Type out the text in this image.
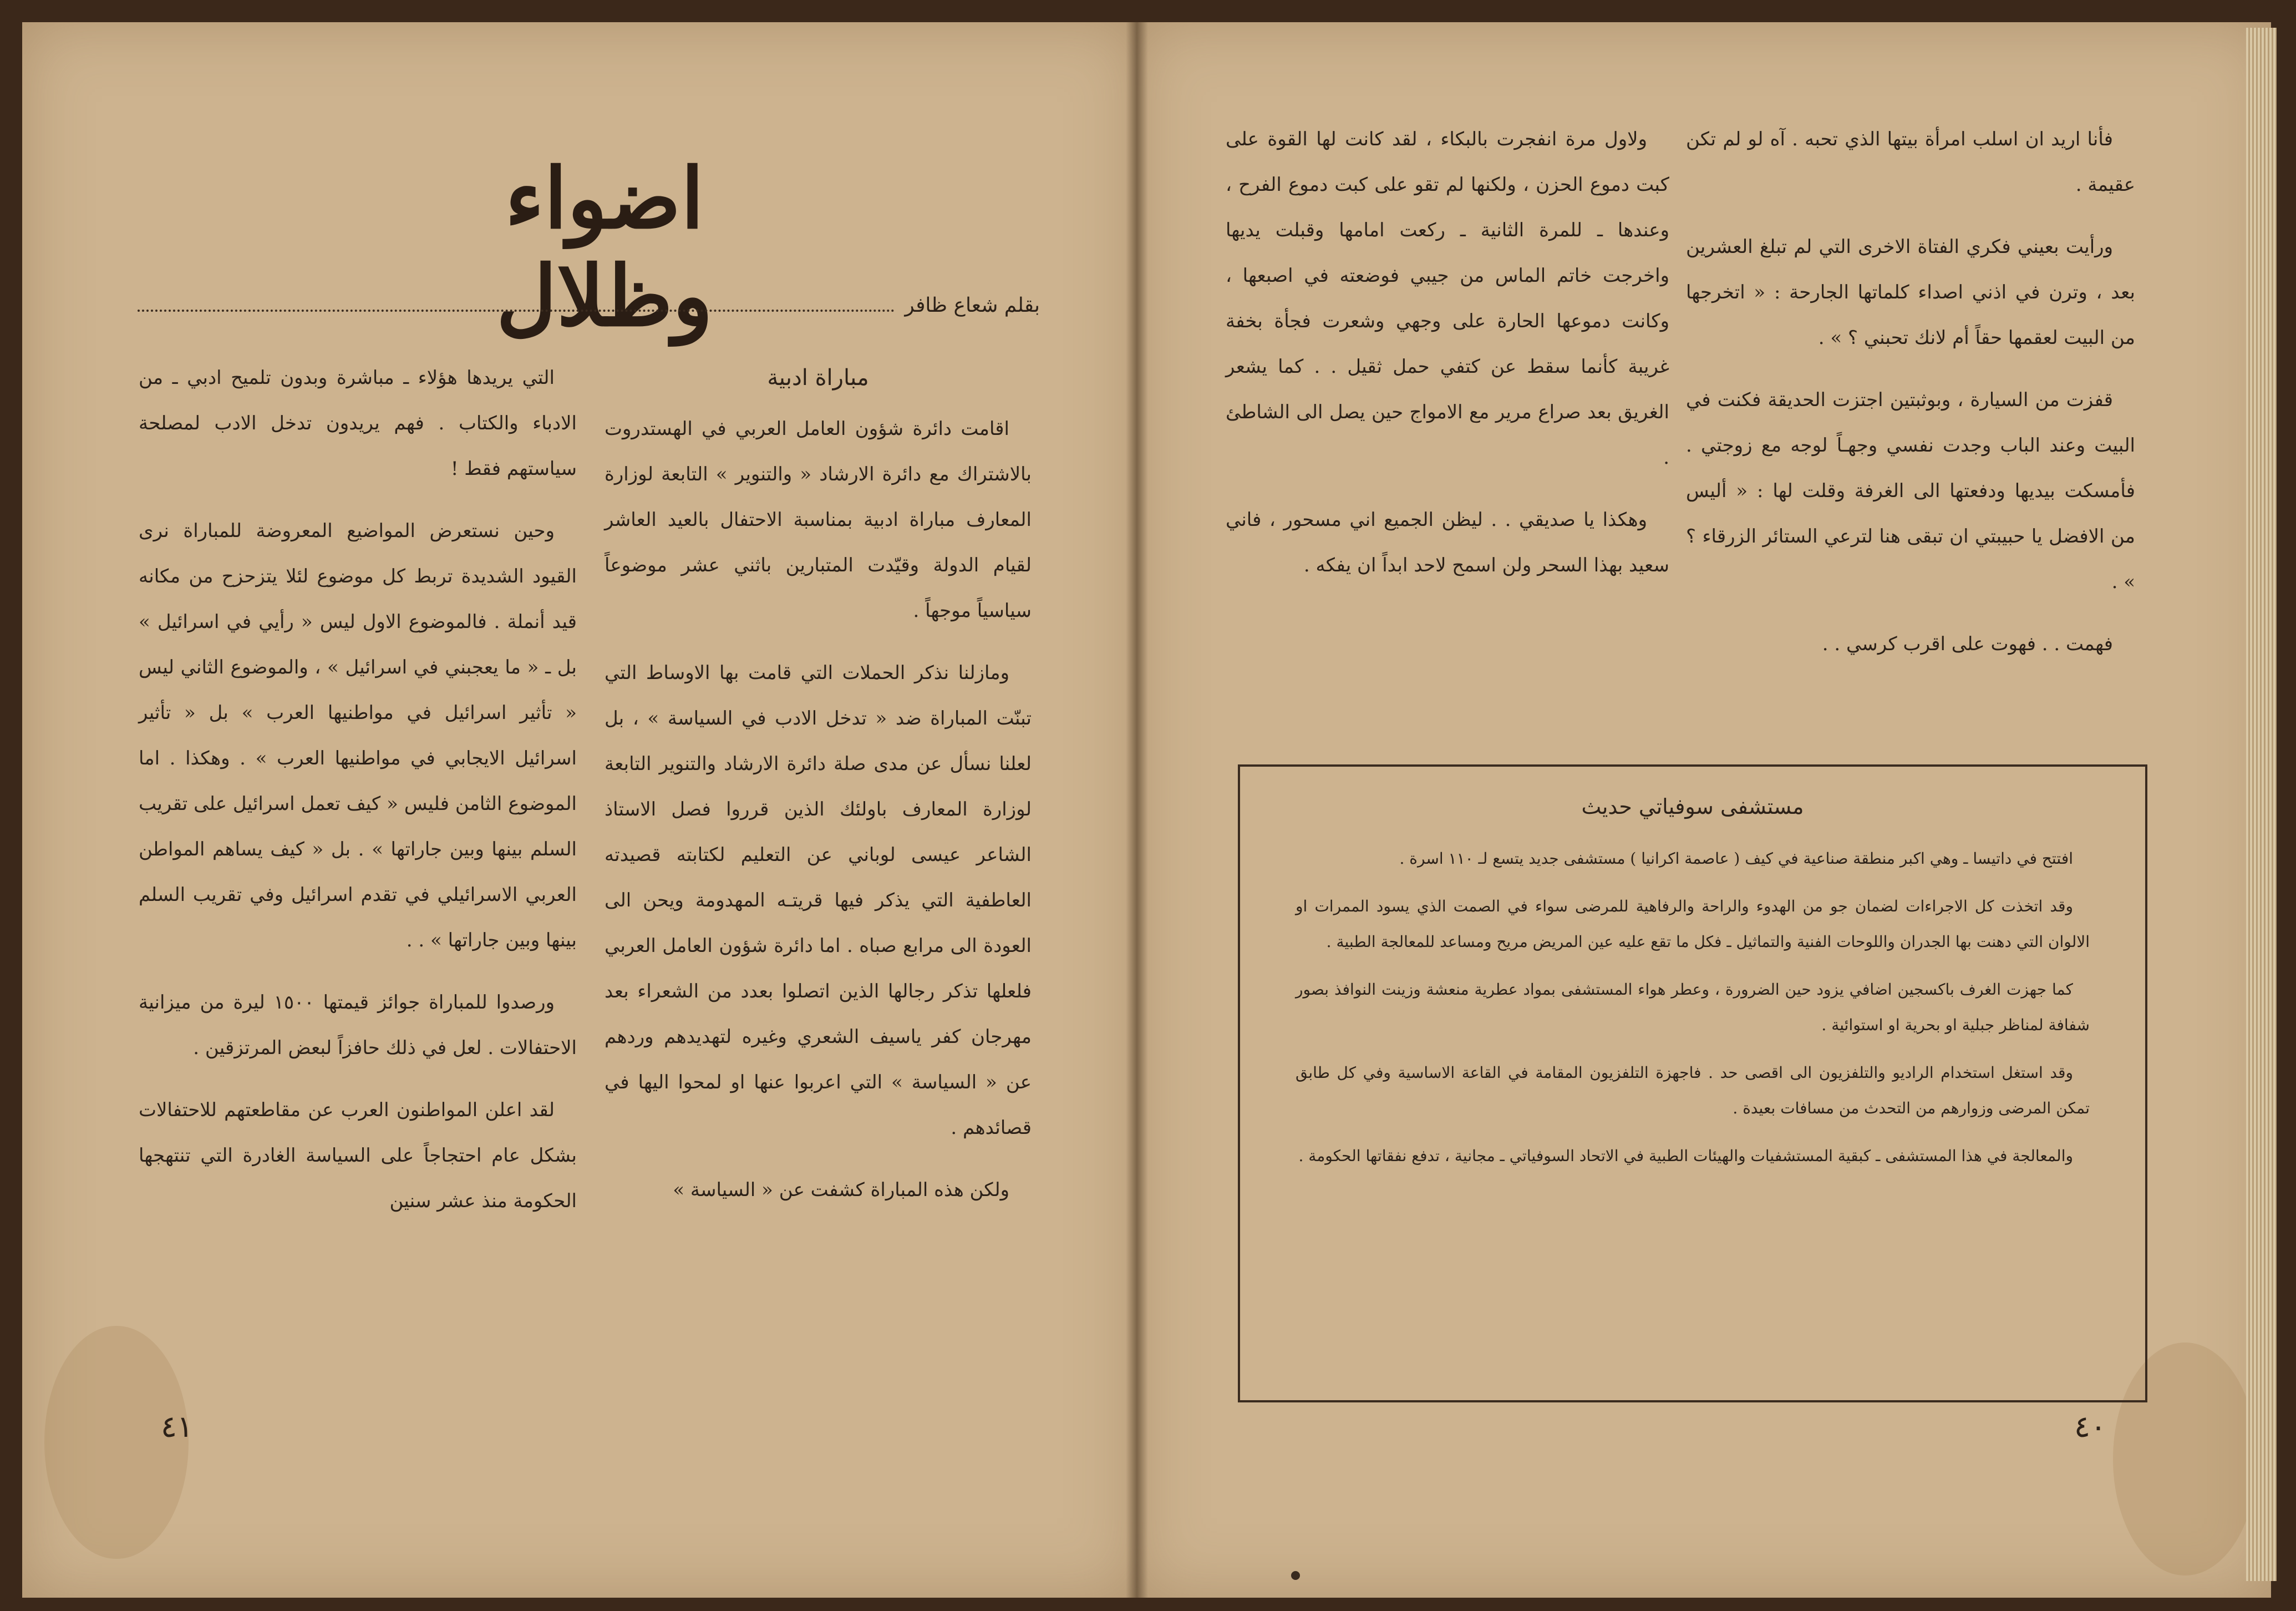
اضواء وظلال	بقلم شعاع ظافر
مباراة ادبية

اقامت دائرة شؤون العامل العربي في الهستدروت بالاشتراك مع دائرة الارشاد « والتنوير » التابعة لوزارة المعارف مباراة ادبية بمناسبة الاحتفال بالعيد العاشر لقيام الدولة وقيّدت المتبارين باثني عشر موضوعاً سياسياً موجهاً .

ومازلنا نذكر الحملات التي قامت بها الاوساط التي تبنّت المباراة ضد « تدخل الادب في السياسة » ، بل لعلنا نسأل عن مدى صلة دائرة الارشاد والتنوير التابعة لوزارة المعارف باولئك الذين قرروا فصل الاستاذ الشاعر عيسى لوباني عن التعليم لكتابته قصيدته العاطفية التي يذكر فيها قريتـه المهدومة ويحن الى العودة الى مرابع صباه . اما دائرة شؤون العامل العربي فلعلها تذكر رجالها الذين اتصلوا بعدد من الشعراء بعد مهرجان كفر ياسيف الشعري وغيره لتهديدهم وردهم عن « السياسة » التي اعربوا عنها او لمحوا اليها في قصائدهم .

ولكن هذه المباراة كشفت عن « السياسة »

التي يريدها هؤلاء ـ مباشرة وبدون تلميح ادبي ـ من الادباء والكتاب . فهم يريدون تدخل الادب لمصلحة سياستهم فقط !

وحين نستعرض المواضيع المعروضة للمباراة نرى القيود الشديدة تربط كل موضوع لئلا يتزحزح من مكانه قيد أنملة . فالموضوع الاول ليس « رأيي في اسرائيل » بل ـ « ما يعجبني في اسرائيل » ، والموضوع الثاني ليس « تأثير اسرائيل في مواطنيها العرب » بل « تأثير اسرائيل الايجابي في مواطنيها العرب » . وهكذا . اما الموضوع الثامن فليس « كيف تعمل اسرائيل على تقريب السلم بينها وبين جاراتها » . بل « كيف يساهم المواطن العربي الاسرائيلي في تقدم اسرائيل وفي تقريب السلم بينها وبين جاراتها » . .

ورصدوا للمباراة جوائز قيمتها ١٥٠٠ ليرة من ميزانية الاحتفالات . لعل في ذلك حافزاً لبعض المرتزقين .

لقد اعلن المواطنون العرب عن مقاطعتهم للاحتفالات بشكل عام احتجاجاً على السياسة الغادرة التي تنتهجها الحكومة منذ عشر سنين

٤١

فأنا اريد ان اسلب امرأة بيتها الذي تحبه . آه لو لم تكن عقيمة .

ورأيت بعيني فكري الفتاة الاخرى التي لم تبلغ العشرين بعد ، وترن في اذني اصداء كلماتها الجارحة : « اتخرجها من البيت لعقمها حقاً أم لانك تحبني ؟ » .

قفزت من السيارة ، وبوثبتين اجتزت الحديقة فكنت في البيت وعند الباب وجدت نفسي وجهـاً لوجه مع زوجتي . فأمسكت بيديها ودفعتها الى الغرفة وقلت لها : « أليس من الافضل يا حبيبتي ان تبقى هنا لترعي الستائر الزرقاء ؟ » .

فهمت . . فهوت على اقرب كرسي . .

ولاول مرة انفجرت بالبكاء ، لقد كانت لها القوة على كبت دموع الحزن ، ولكنها لم تقو على كبت دموع الفرح ، وعندها ـ للمرة الثانية ـ ركعت امامها وقبلت يديها واخرجت خاتم الماس من جيبي فوضعته في اصبعها ، وكانت دموعها الحارة على وجهي وشعرت فجأة بخفة غريبة كأنما سقط عن كتفي حمل ثقيل . . كما يشعر الغريق بعد صراع مرير مع الامواج حين يصل الى الشاطئ .

وهكذا يا صديقي . . ليظن الجميع اني مسحور ، فاني سعيد بهذا السحر ولن اسمح لاحد ابداً ان يفكه .

مستشفى سوفياتي حديث

افتتح في داتيسا ـ وهي اكبر منطقة صناعية في كيف ( عاصمة اكرانيا ) مستشفى جديد يتسع لـ ١١٠ اسرة .

وقد اتخذت كل الاجراءات لضمان جو من الهدوء والراحة والرفاهية للمرضى سواء في الصمت الذي يسود الممرات او الالوان التي دهنت بها الجدران واللوحات الفنية والتماثيل ـ فكل ما تقع عليه عين المريض مريح ومساعد للمعالجة الطبية .

كما جهزت الغرف باكسجين اضافي يزود حين الضرورة ، وعطر هواء المستشفى بمواد عطرية منعشة وزينت النوافذ بصور شفافة لمناظر جبلية او بحرية او استوائية .

وقد استغل استخدام الراديو والتلفزيون الى اقصى حد . فاجهزة التلفزيون المقامة في القاعة الاساسية وفي كل طابق تمكن المرضى وزوارهم من التحدث من مسافات بعيدة .

والمعالجة في هذا المستشفى ـ كبقية المستشفيات والهيئات الطبية في الاتحاد السوفياتي ـ مجانية ، تدفع نفقاتها الحكومة .

٤٠
